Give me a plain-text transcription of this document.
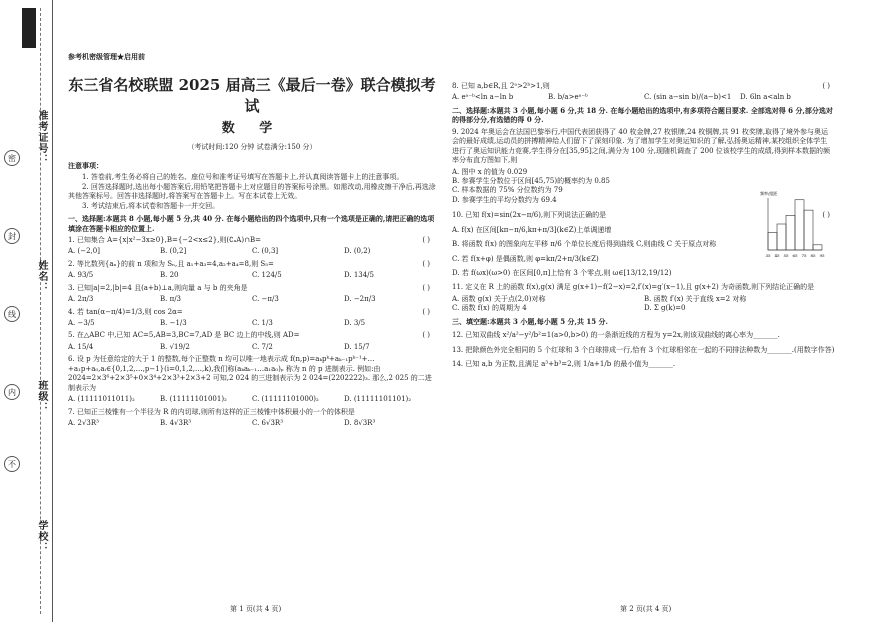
准考证号：
姓名：
班级：
学校：
密
封
线
内
不
参考机密级管理★启用前
东三省名校联盟 2025 届高三《最后一卷》联合模拟考试
数 学
（考试时间:120 分钟 试卷满分:150 分）
注意事项：
1. 答卷前,考生务必将自己的姓名、座位号和准考证号填写在答题卡上,并认真阅读答题卡上的注意事项。
2. 回答选择题时,选出每小题答案后,用铅笔把答题卡上对应题目的答案标号涂黑。如需改动,用橡皮擦干净后,再选涂其他答案标号。回答非选择题时,将答案写在答题卡上。写在本试卷上无效。
3. 考试结束后,将本试卷和答题卡一并交回。
一、选择题:本题共 8 小题,每小题 5 分,共 40 分. 在每小题给出的四个选项中,只有一个选项是正确的,请把正确的选项填涂在答题卡相应的位置上.
1. 已知集合 A={x|x²−3x≥0},B={−2<x≤2},则(∁ₐA)∩B=	( )
A. (−2,0]	B. (0,2]	C. (0,3]	D. (0,2)
2. 等比数列{aₙ}的前 n 项和为 Sₙ,且 a₁+a₃=4,a₂+a₄=8,则 S₅=	( )
A. 93/5	B. 20	C. 124/5	D. 134/5
3. 已知|a|=2,|b|=4 且(a+b)⊥a,则向量 a 与 b 的夹角是	( )
A. 2π/3	B. π/3	C. −π/3	D. −2π/3
4. 若 tan(α−π/4)=1/3,则 cos 2α=	( )
A. −3/5	B. −1/3	C. 1/3	D. 3/5
5. 在△ABC 中,已知 AC=5,AB=3,BC=7,AD 是 BC 边上的中线,则 AD=	( )
A. 15/4	B. √19/2	C. 7/2	D. 15/7
6. 设 p 为任意给定的大于 1 的整数,每个正整数 n 均可以唯一地表示成 f(n,p)=aₖpᵏ+aₖ₋₁pᵏ⁻¹+…+a₁p+a₀,aᵢ∈{0,1,2,…,p−1}(i=0,1,2,…,k),我们称(aₖaₖ₋₁…a₁a₀)ₚ 称为 n 的 p 进制表示. 例如:由 2024=2×3⁶+2×3⁵+0×3⁴+2×3³+2×3+2 可知,2 024 的三进制表示为 2 024=(2202222)₃. 那么,2 025 的二进制表示为
A. (11111011011)₂	B. (11111101001)₂	C. (11111101000)₂	D. (11111101101)₂
7. 已知正三棱锥有一个半径为 R 的内切球,则所有这样的正三棱锥中体积最小的一个的体积是
A. 2√3R³	B. 4√3R³	C. 6√3R³	D. 8√3R³
第 1 页(共 4 页)
8. 已知 a,b∈R,且 2ᵃ>2ᵇ>1,则	( )
A. eᵃ⁻ᵇ<ln a−ln b	B. b/a>eᵃ⁻ᵇ	C. (sin a−sin b)/(a−b)<1	D. 6ln a<aln b
二、选择题:本题共 3 小题,每小题 6 分,共 18 分. 在每小题给出的选项中,有多项符合题目要求. 全部选对得 6 分,部分选对的得部分分,有选错的得 0 分.
9. 2024 年奥运会在法国巴黎举行,中国代表团获得了 40 枚金牌,27 枚银牌,24 枚铜牌,共 91 枚奖牌,取得了境外参与奥运会的最好成绩,运动员的拼搏精神给人们留下了深刻印象. 为了增加学生对奥运知识的了解,弘扬奥运精神,某校组织全体学生进行了奥运知识能力竞赛,学生得分在[35,95]之间,满分为 100 分,现随机调查了 200 位该校学生的成绩,得到样本数据的频率分布直方图如下,则
A. 图中 x 的值为 0.029
B. 参赛学生分数位于区间[45,75)的概率约为 0.85
C. 样本数据的 75% 分位数约为 79
D. 参赛学生的平均分数约为 69.4
10. 已知 f(x)=sin(2x−π/6),则下列说法正确的是	( )
A. f(x) 在区间[kπ−π/6,kπ+π/3](k∈Z)上单调递增
B. 将函数 f(x) 的图象向左平移 π/6 个单位长度后得到曲线 C,则曲线 C 关于原点对称
C. 若 f(x+φ) 是偶函数,则 φ=kπ/2+π/3(k∈Z)
D. 若 f(ωx)(ω>0) 在区间[0,π]上恰有 3 个零点,则 ω∈[13/12,19/12)
11. 定义在 R 上的函数 f(x),g(x) 满足 g(x+1)−f(2−x)=2,f′(x)=g′(x−1),且 g(x+2) 为奇函数,则下列结论正确的是
A. 函数 g(x) 关于点(2,0)对称	B. 函数 f′(x) 关于直线 x=2 对称
C. 函数 f(x) 的周期为 4	D. Σ g(k)=0
三、填空题:本题共 3 小题,每小题 5 分,共 15 分.
12. 已知双曲线 x²/a²−y²/b²=1(a>0,b>0) 的一条渐近线的方程为 y=2x,则该双曲线的离心率为_______.
13. 把除颜色外完全相同的 5 个红球和 3 个白球排成一行,恰有 3 个红球相邻在一起的不同排法种数为_______.(用数字作答)
14. 已知 a,b 为正数,且满足 a³+b³=2,则 1/a+1/b 的最小值为_______.
第 2 页(共 4 页)
35 45 55 65 75 85 95
频率/组距
